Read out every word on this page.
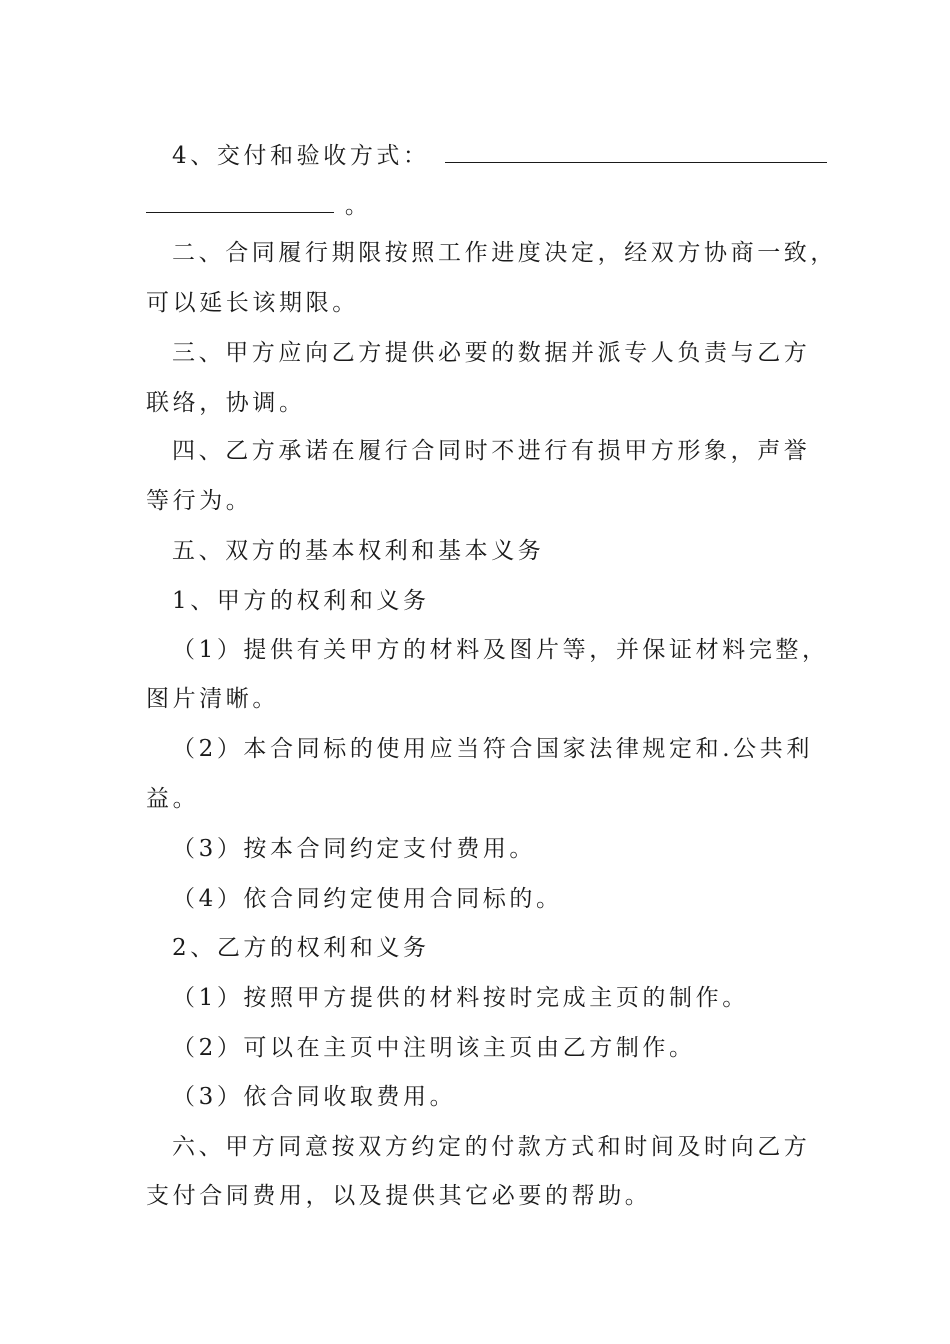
4、交付和验收方式：
。
二、合同履行期限按照工作进度决定，经双方协商一致，
可以延长该期限。
三、甲方应向乙方提供必要的数据并派专人负责与乙方
联络，协调。
四、乙方承诺在履行合同时不进行有损甲方形象，声誉
等行为。
五、双方的基本权利和基本义务
1、甲方的权利和义务
（1）提供有关甲方的材料及图片等，并保证材料完整，
图片清晰。
（2）本合同标的使用应当符合国家法律规定和.公共利
益。
（3）按本合同约定支付费用。
（4）依合同约定使用合同标的。
2、乙方的权利和义务
（1）按照甲方提供的材料按时完成主页的制作。
（2）可以在主页中注明该主页由乙方制作。
（3）依合同收取费用。
六、甲方同意按双方约定的付款方式和时间及时向乙方
支付合同费用，以及提供其它必要的帮助。
